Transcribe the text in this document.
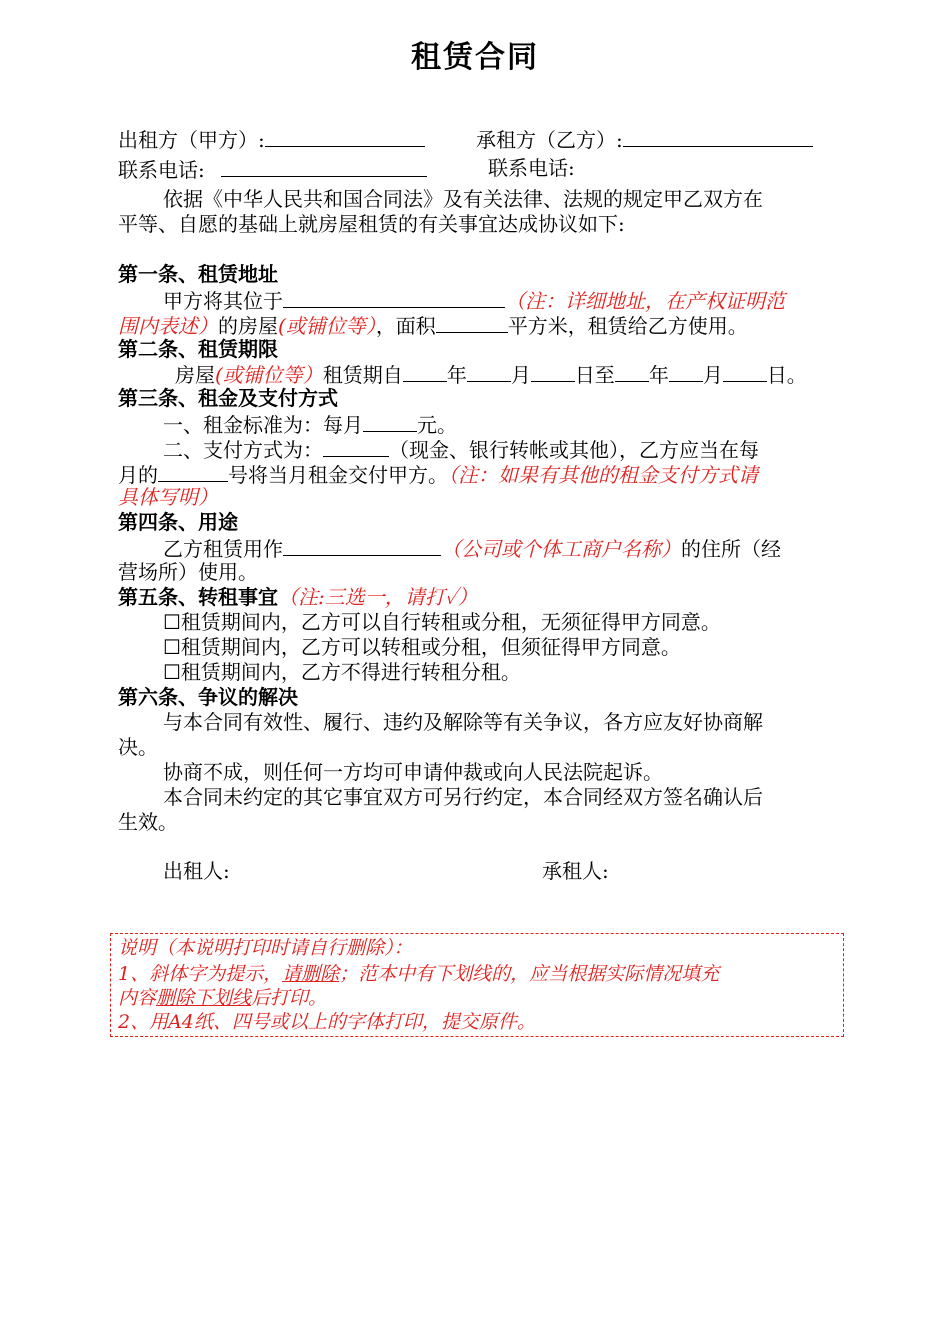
租赁合同
出租方（甲方）:	承租方（乙方）:
联系电话:	联系电话:
依据《中华人民共和国合同法》及有关法律、法规的规定甲乙双方在
平等、自愿的基础上就房屋租赁的有关事宜达成协议如下:
第一条、租赁地址
甲方将其位于	（注：详细地址，在产权证明范
围内表述）的房屋(或铺位等），面积	平方米，租赁给乙方使用。
第二条、租赁期限
房屋(或铺位等）租赁期自 年 月 日至 年 月 日。
第三条、租金及支付方式
一、租金标准为：每月	元。
二、支付方式为：	（现金、银行转帐或其他），乙方应当在每
月的	号将当月租金交付甲方。（注：如果有其他的租金支付方式请
具体写明）
第四条、用途
乙方租赁用作	（公司或个体工商户名称）的住所（经
营场所）使用。
第五条、转租事宜（注:三选一，请打✓）
☐租赁期间内，乙方可以自行转租或分租，无须征得甲方同意。
☐租赁期间内，乙方可以转租或分租，但须征得甲方同意。
☐租赁期间内，乙方不得进行转租分租。
第六条、争议的解决
与本合同有效性、履行、违约及解除等有关争议，各方应友好协商解
决。
协商不成，则任何一方均可申请仲裁或向人民法院起诉。
本合同未约定的其它事宜双方可另行约定，本合同经双方签名确认后
生效。
出租人:	承租人:
说明（本说明打印时请自行删除）：
1、斜体字为提示，请删除；范本中有下划线的，应当根据实际情况填充
内容删除下划线后打印。
2、用A4纸、四号或以上的字体打印，提交原件。
